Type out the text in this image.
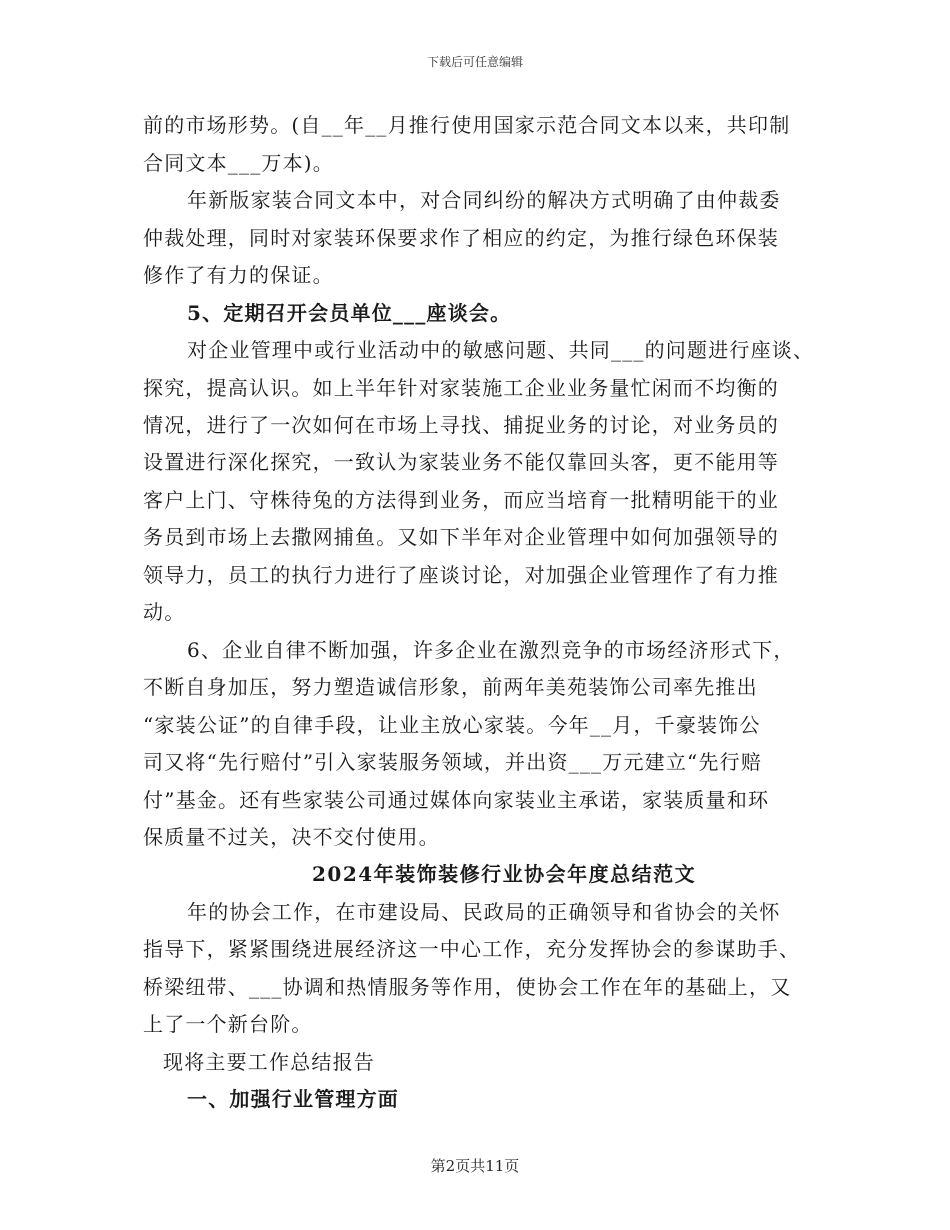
下载后可任意编辑
前的市场形势。(自__年__月推行使用国家示范合同文本以来，共印制
合同文本___万本)。
年新版家装合同文本中，对合同纠纷的解决方式明确了由仲裁委
仲裁处理，同时对家装环保要求作了相应的约定，为推行绿色环保装
修作了有力的保证。
5、定期召开会员单位___座谈会。
对企业管理中或行业活动中的敏感问题、共同___的问题进行座谈、
探究，提高认识。如上半年针对家装施工企业业务量忙闲而不均衡的
情况，进行了一次如何在市场上寻找、捕捉业务的讨论，对业务员的
设置进行深化探究，一致认为家装业务不能仅靠回头客，更不能用等
客户上门、守株待兔的方法得到业务，而应当培育一批精明能干的业
务员到市场上去撒网捕鱼。又如下半年对企业管理中如何加强领导的
领导力，员工的执行力进行了座谈讨论，对加强企业管理作了有力推
动。
6、企业自律不断加强，许多企业在激烈竞争的市场经济形式下，
不断自身加压，努力塑造诚信形象，前两年美苑装饰公司率先推出
“家装公证”的自律手段，让业主放心家装。今年__月，千豪装饰公
司又将“先行赔付”引入家装服务领域，并出资___万元建立“先行赔
付”基金。还有些家装公司通过媒体向家装业主承诺，家装质量和环
保质量不过关，决不交付使用。
2024年装饰装修行业协会年度总结范文
年的协会工作，在市建设局、民政局的正确领导和省协会的关怀
指导下，紧紧围绕进展经济这一中心工作，充分发挥协会的参谋助手、
桥梁纽带、___协调和热情服务等作用，使协会工作在年的基础上，又
上了一个新台阶。
现将主要工作总结报告
一、加强行业管理方面
第2页共11页
